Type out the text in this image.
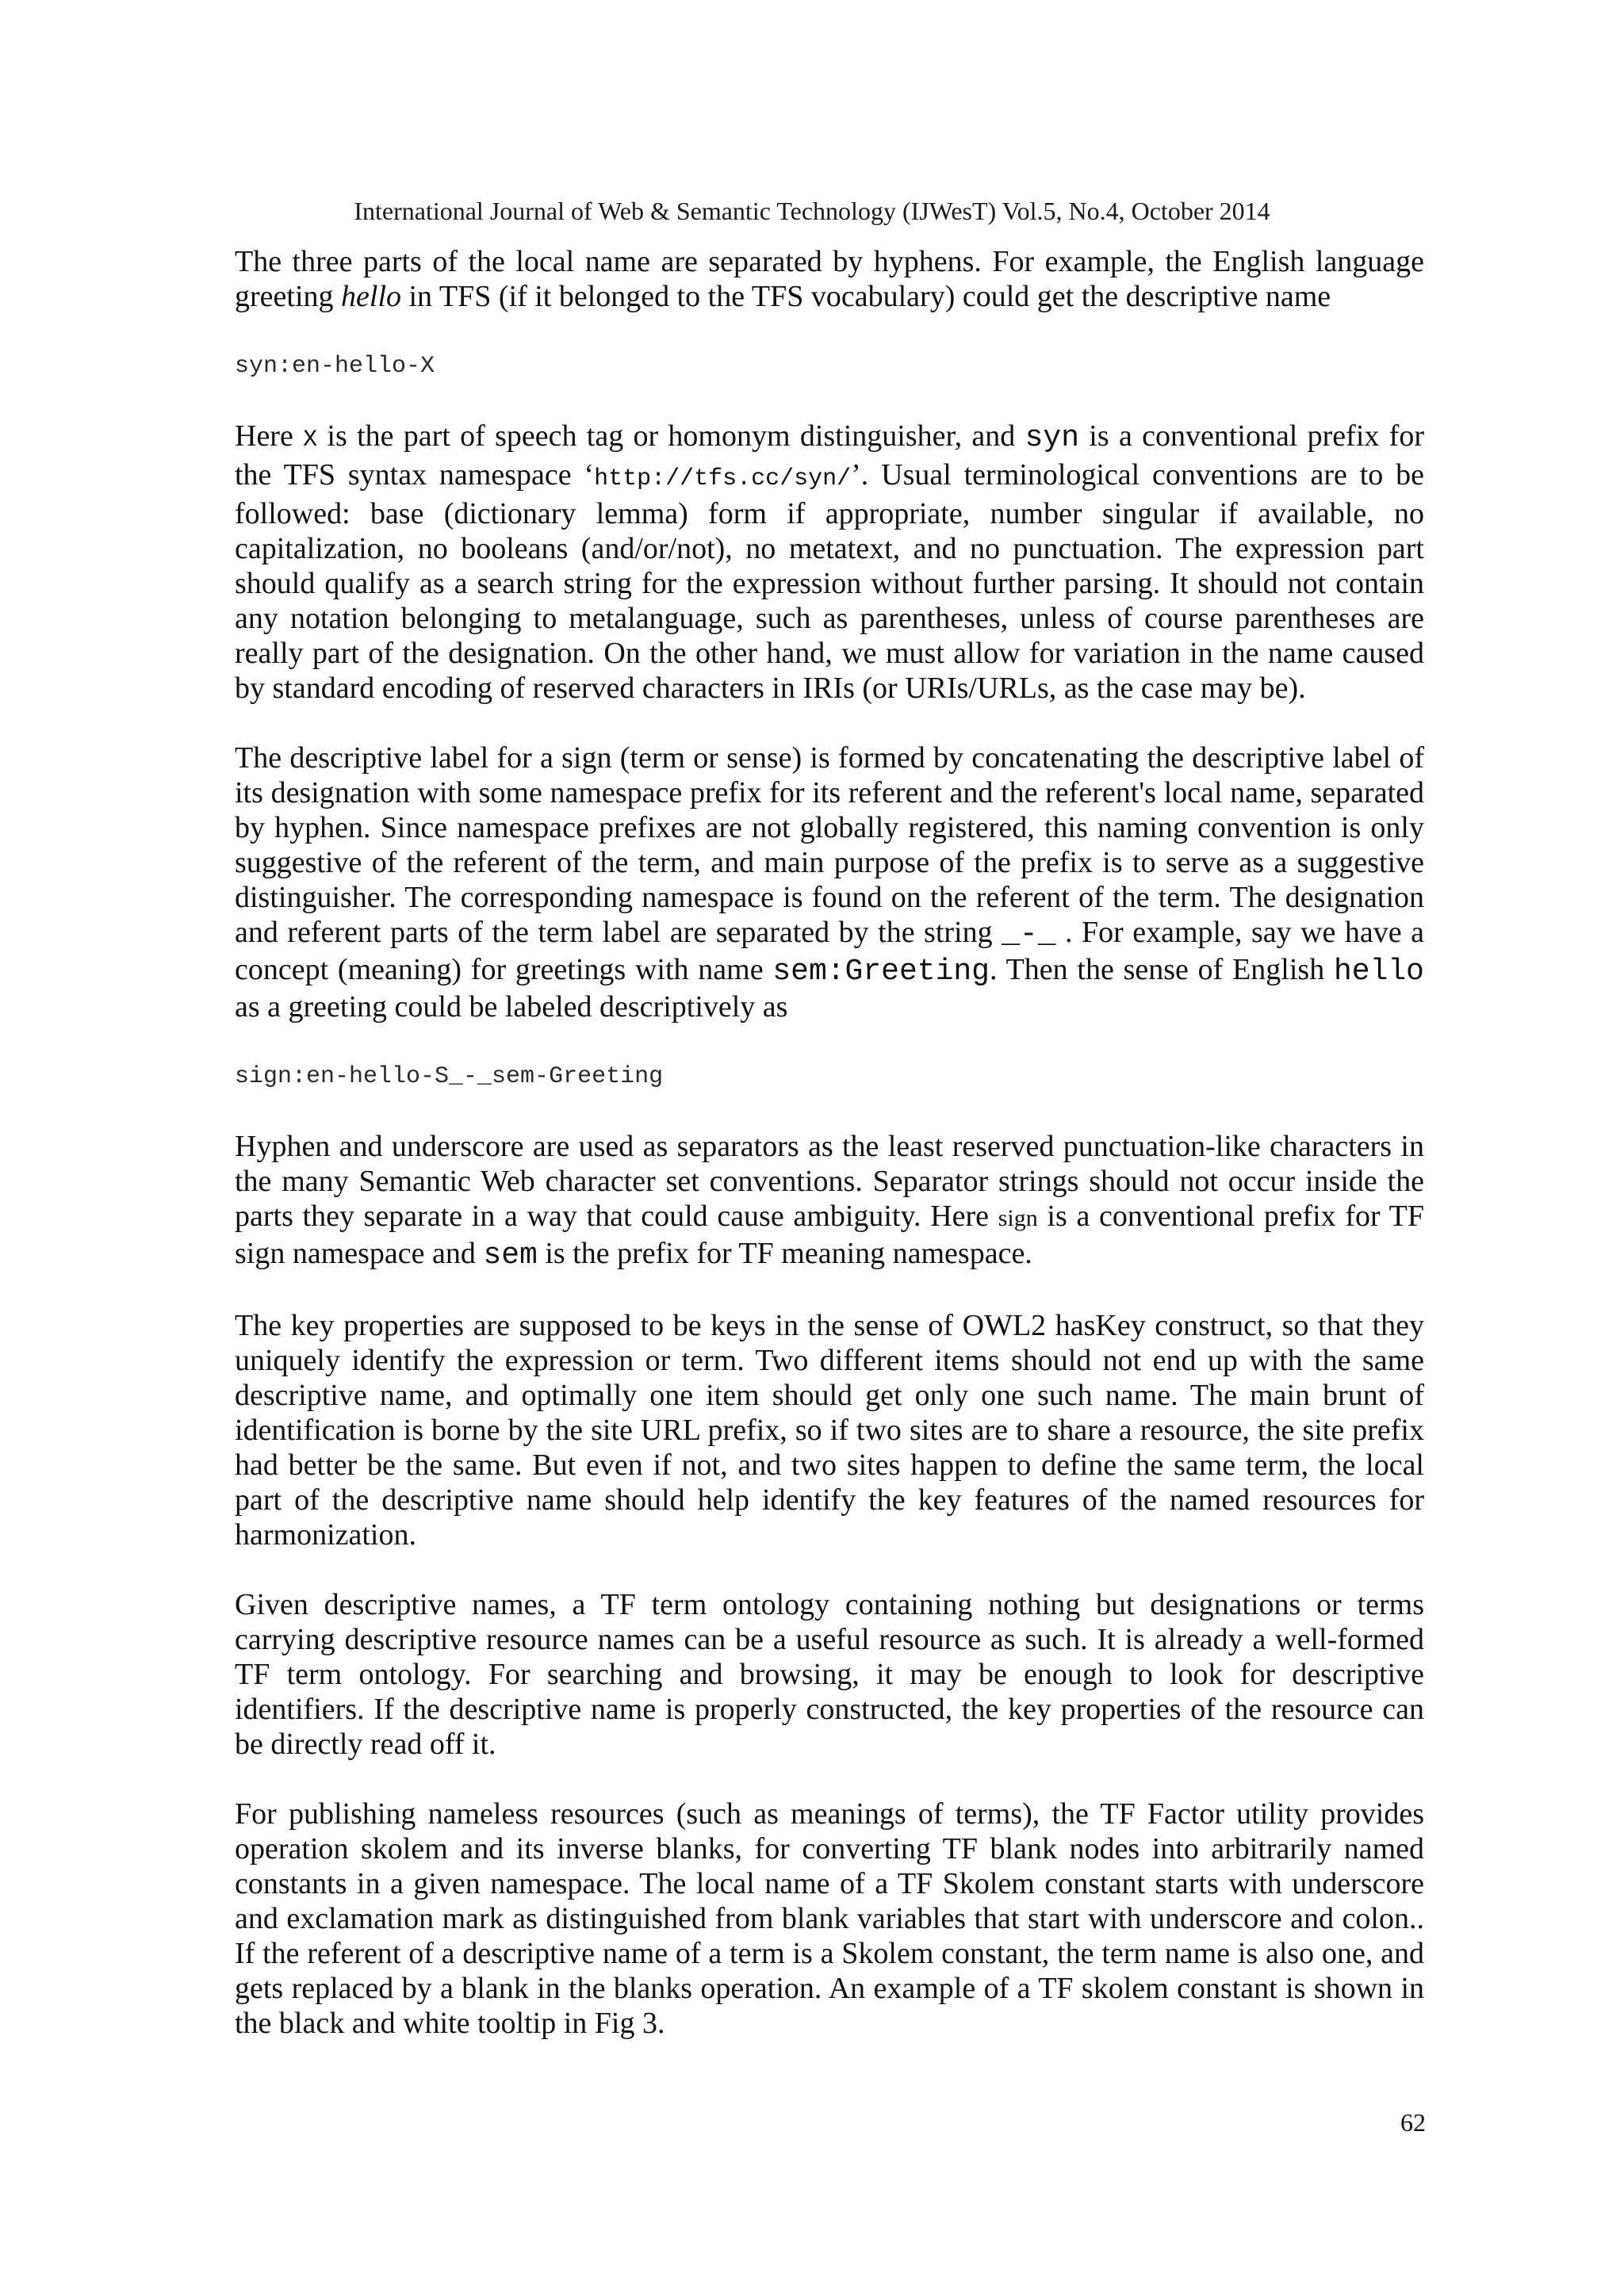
International Journal of Web & Semantic Technology (IJWesT) Vol.5, No.4, October 2014

The three parts of the local name are separated by hyphens. For example, the English language greeting hello in TFS (if it belonged to the TFS vocabulary) could get the descriptive name

syn:en-hello-X

Here X is the part of speech tag or homonym distinguisher, and syn is a conventional prefix for the TFS syntax namespace ‘http://tfs.cc/syn/’. Usual terminological conventions are to be followed: base (dictionary lemma) form if appropriate, number singular if available, no capitalization, no booleans (and/or/not), no metatext, and no punctuation. The expression part should qualify as a search string for the expression without further parsing. It should not contain any notation belonging to metalanguage, such as parentheses, unless of course parentheses are really part of the designation. On the other hand, we must allow for variation in the name caused by standard encoding of reserved characters in IRIs (or URIs/URLs, as the case may be).

The descriptive label for a sign (term or sense) is formed by concatenating the descriptive label of its designation with some namespace prefix for its referent and the referent's local name, separated by hyphen. Since namespace prefixes are not globally registered, this naming convention is only suggestive of the referent of the term, and main purpose of the prefix is to serve as a suggestive distinguisher. The corresponding namespace is found on the referent of the term. The designation and referent parts of the term label are separated by the string _-_ . For example, say we have a concept (meaning) for greetings with name sem:Greeting. Then the sense of English hello as a greeting could be labeled descriptively as

sign:en-hello-S_-_sem-Greeting

Hyphen and underscore are used as separators as the least reserved punctuation-like characters in the many Semantic Web character set conventions. Separator strings should not occur inside the parts they separate in a way that could cause ambiguity. Here sign is a conventional prefix for TF sign namespace and sem is the prefix for TF meaning namespace.

The key properties are supposed to be keys in the sense of OWL2 hasKey construct, so that they uniquely identify the expression or term. Two different items should not end up with the same descriptive name, and optimally one item should get only one such name. The main brunt of identification is borne by the site URL prefix, so if two sites are to share a resource, the site prefix had better be the same. But even if not, and two sites happen to define the same term, the local part of the descriptive name should help identify the key features of the named resources for harmonization.

Given descriptive names, a TF term ontology containing nothing but designations or terms carrying descriptive resource names can be a useful resource as such. It is already a well-formed TF term ontology. For searching and browsing, it may be enough to look for descriptive identifiers. If the descriptive name is properly constructed, the key properties of the resource can be directly read off it.

For publishing nameless resources (such as meanings of terms), the TF Factor utility provides operation skolem and its inverse blanks, for converting TF blank nodes into arbitrarily named constants in a given namespace. The local name of a TF Skolem constant starts with underscore and exclamation mark as distinguished from blank variables that start with underscore and colon.. If the referent of a descriptive name of a term is a Skolem constant, the term name is also one, and gets replaced by a blank in the blanks operation. An example of a TF skolem constant is shown in the black and white tooltip in Fig 3.

62
